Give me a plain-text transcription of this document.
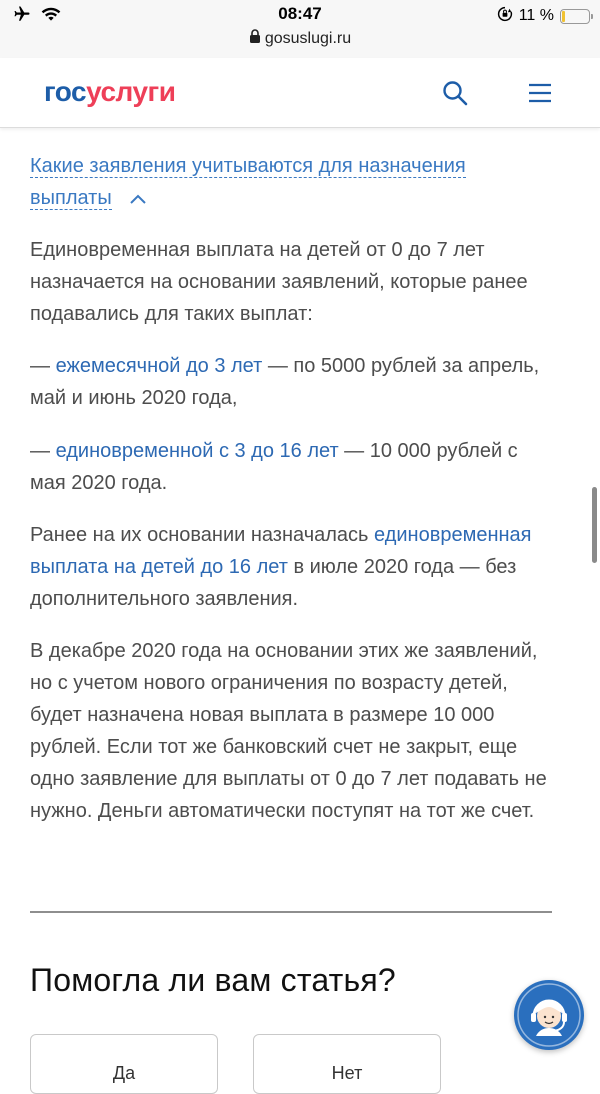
08:47	11 %
gosuslugi.ru
госуслуги
Какие заявления учитываются для назначения
выплаты

Единовременная выплата на детей от 0 до 7 лет назначается на основании заявлений, которые ранее подавались для таких выплат:

— ежемесячной до 3 лет — по 5000 рублей за апрель, май и июнь 2020 года,

— единовременной с 3 до 16 лет — 10 000 рублей с мая 2020 года.

Ранее на их основании назначалась единовременная выплата на детей до 16 лет в июле 2020 года — без дополнительного заявления.

В декабре 2020 года на основании этих же заявлений, но с учетом нового ограничения по возрасту детей, будет назначена новая выплата в размере 10 000 рублей. Если тот же банковский счет не закрыт, еще одно заявление для выплаты от 0 до 7 лет подавать не нужно. Деньги автоматически поступят на тот же счет.

Помогла ли вам статья?
Да	Нет
